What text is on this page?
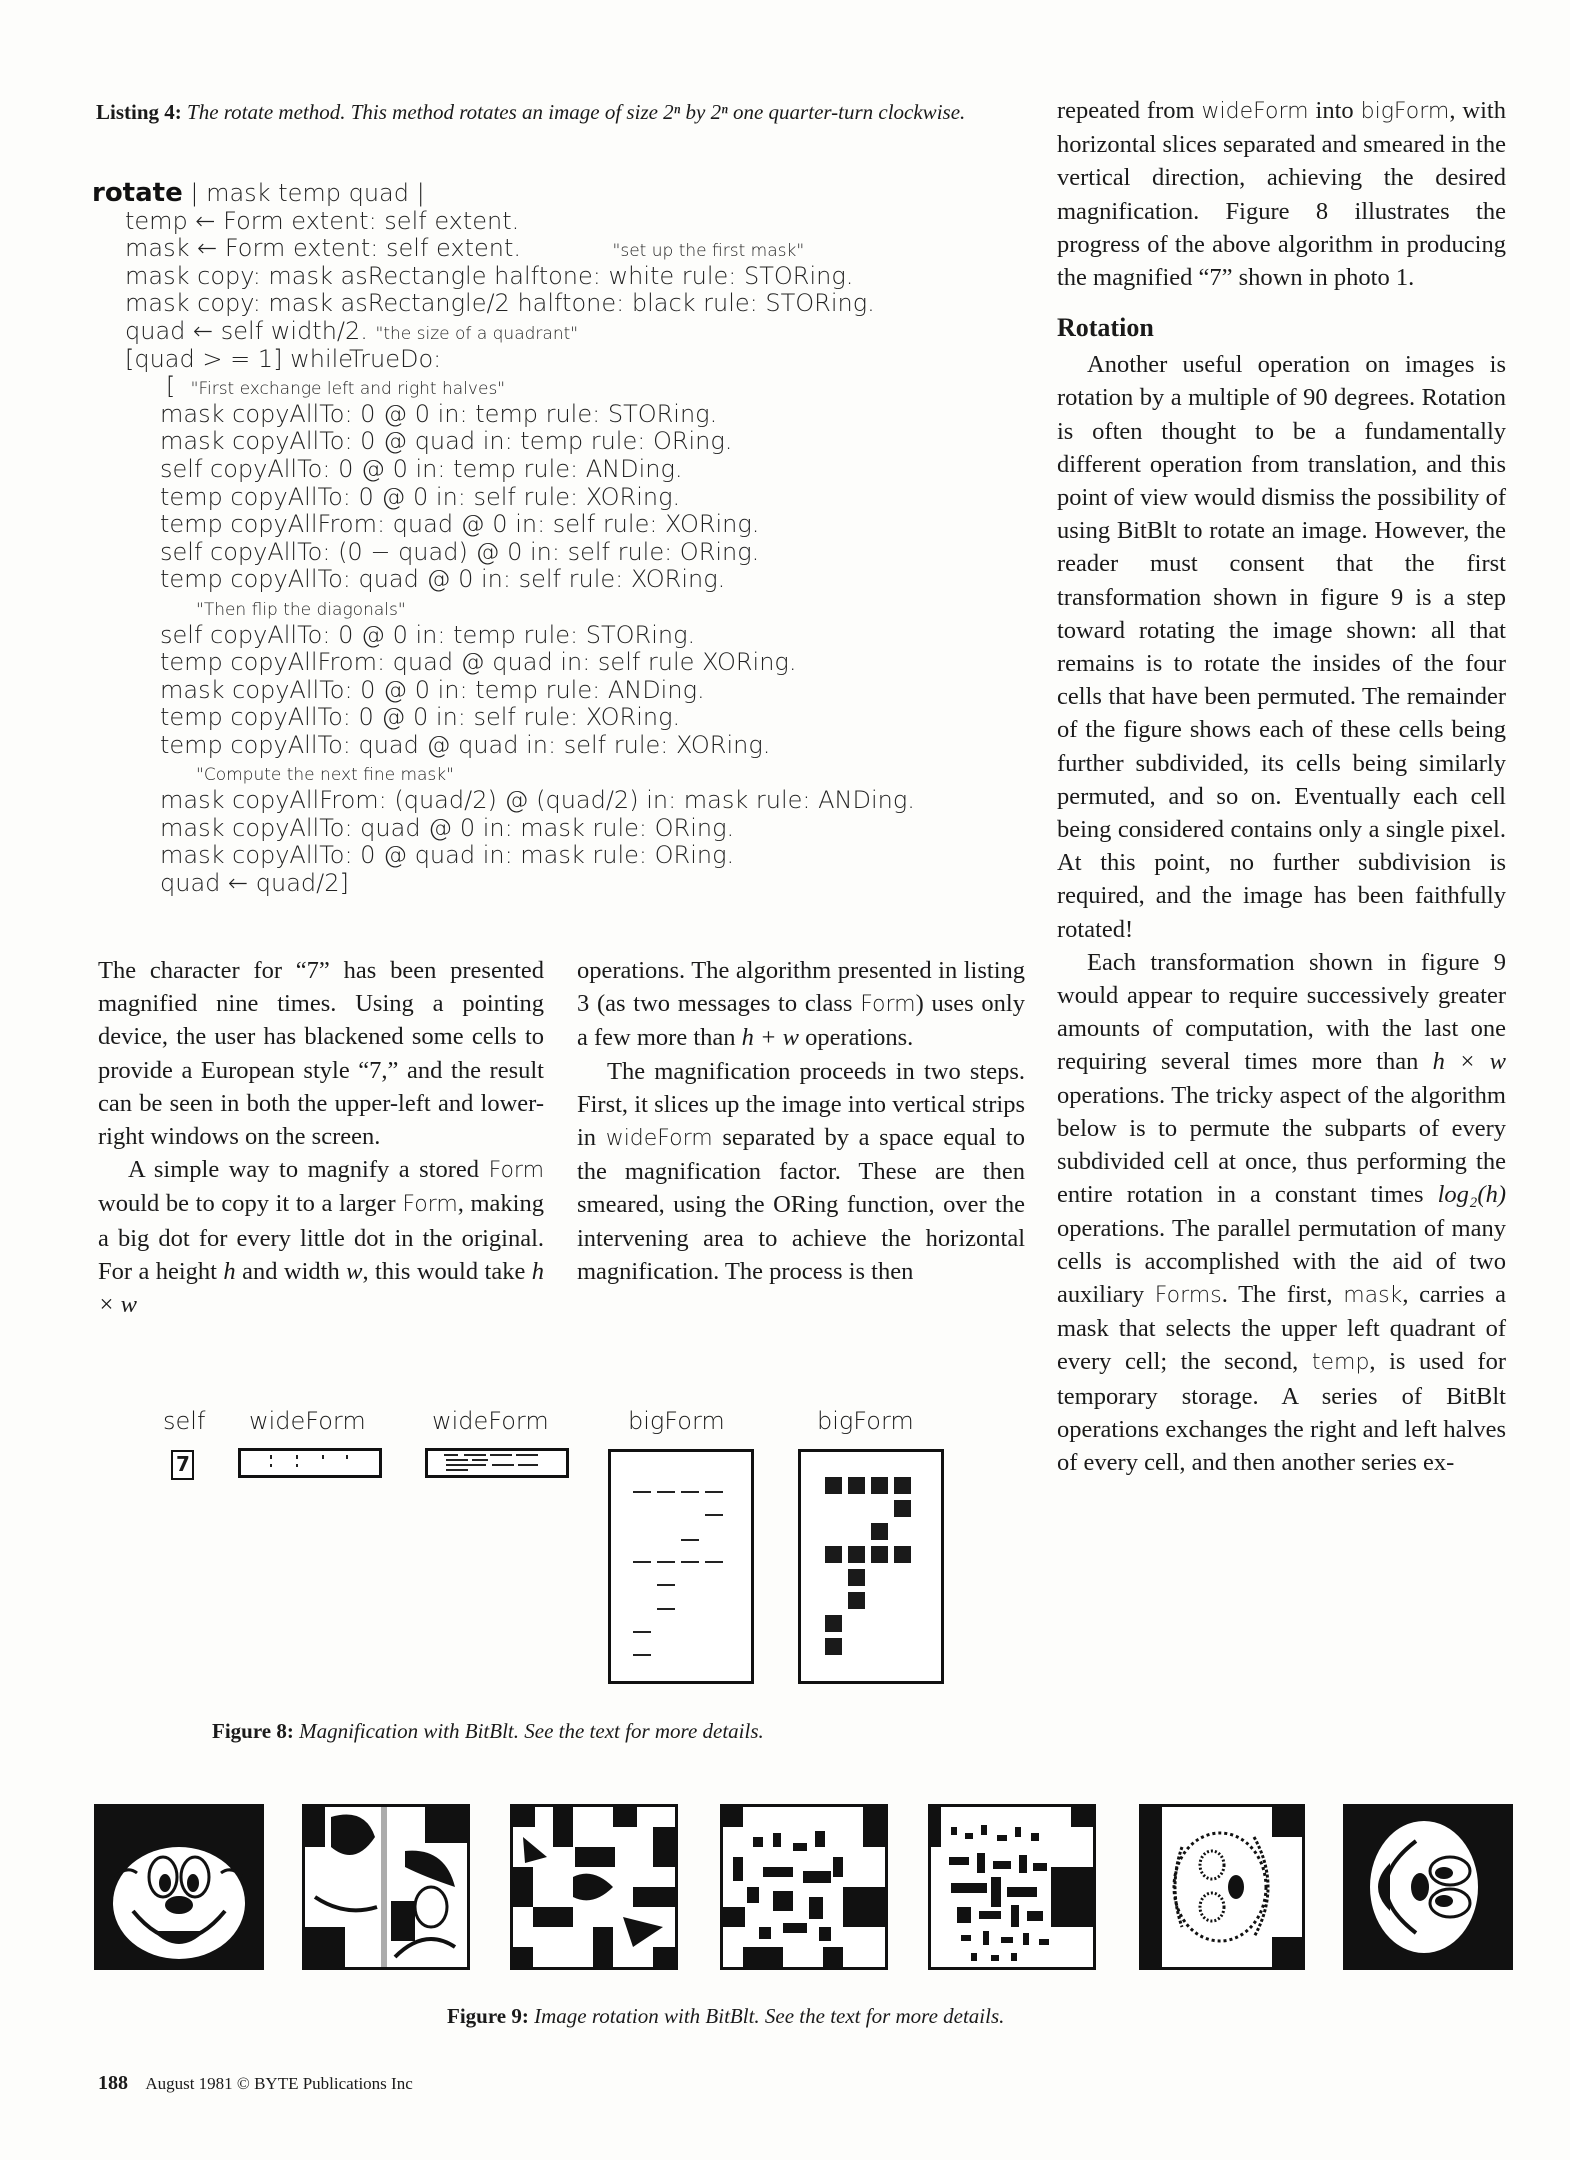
Listing 4: The rotate method. This method rotates an image of size 2ⁿ by 2ⁿ one quarter-turn clockwise.
rotate | mask temp quad |
temp ← Form extent: self extent.
mask ← Form extent: self extent.            "set up the first mask"
mask copy: mask asRectangle halftone: white rule: STORing.
mask copy: mask asRectangle/2 halftone: black rule: STORing.
quad ← self width/2. "the size of a quadrant"
[quad > = 1] whileTrueDo:
[  "First exchange left and right halves"
mask copyAllTo: 0 @ 0 in: temp rule: STORing.
mask copyAllTo: 0 @ quad in: temp rule: ORing.
self copyAllTo: 0 @ 0 in: temp rule: ANDing.
temp copyAllTo: 0 @ 0 in: self rule: XORing.
temp copyAllFrom: quad @ 0 in: self rule: XORing.
self copyAllTo: (0 − quad) @ 0 in: self rule: ORing.
temp copyAllTo: quad @ 0 in: self rule: XORing.
"Then flip the diagonals"
self copyAllTo: 0 @ 0 in: temp rule: STORing.
temp copyAllFrom: quad @ quad in: self rule XORing.
mask copyAllTo: 0 @ 0 in: temp rule: ANDing.
temp copyAllTo: 0 @ 0 in: self rule: XORing.
temp copyAllTo: quad @ quad in: self rule: XORing.
"Compute the next fine mask"
mask copyAllFrom: (quad/2) @ (quad/2) in: mask rule: ANDing.
mask copyAllTo: quad @ 0 in: mask rule: ORing.
mask copyAllTo: 0 @ quad in: mask rule: ORing.
quad ← quad/2]

The character for “7” has been presented magnified nine times. Using a pointing device, the user has blackened some cells to provide a European style “7,” and the result can be seen in both the upper-left and lower-right windows on the screen.

A simple way to magnify a stored Form would be to copy it to a larger Form, making a big dot for every little dot in the original. For a height h and width w, this would take h × w

operations. The algorithm presented in listing 3 (as two messages to class Form) uses only a few more than h + w operations.

The magnification proceeds in two steps. First, it slices up the image into vertical strips in wideForm separated by a space equal to the magnification factor. These are then smeared, using the ORing function, over the intervening area to achieve the horizontal magnification. The process is then

repeated from wideForm into bigForm, with horizontal slices separated and smeared in the vertical direction, achieving the desired magnification. Figure 8 illustrates the progress of the above algorithm in producing the magnified “7” shown in photo 1.

Rotation

Another useful operation on images is rotation by a multiple of 90 degrees. Rotation is often thought to be a fundamentally different operation from translation, and this point of view would dismiss the possibility of using BitBlt to rotate an image. However, the reader must consent that the first transformation shown in figure 9 is a step toward rotating the image shown: all that remains is to rotate the insides of the four cells that have been permuted. The remainder of the figure shows each of these cells being further subdivided, its cells being similarly permuted, and so on. Eventually each cell being considered contains only a single pixel. At this point, no further subdivision is required, and the image has been faithfully rotated!

Each transformation shown in figure 9 would appear to require successively greater amounts of computation, with the last one requiring several times more than h × w operations. The tricky aspect of the algorithm below is to permute the subparts of every subdivided cell at once, thus performing the entire rotation in a constant times log₂(h) operations. The parallel permutation of many cells is accomplished with the aid of two auxiliary Forms. The first, mask, carries a mask that selects the upper left quadrant of every cell; the second, temp, is used for temporary storage. A series of BitBlt operations exchanges the right and left halves of every cell, and then another series ex-

self wideForm	wideForm	bigForm	bigForm
7
Figure 8: Magnification with BitBlt. See the text for more details.
Figure 9: Image rotation with BitBlt. See the text for more details.
188 August 1981 © BYTE Publications Inc
